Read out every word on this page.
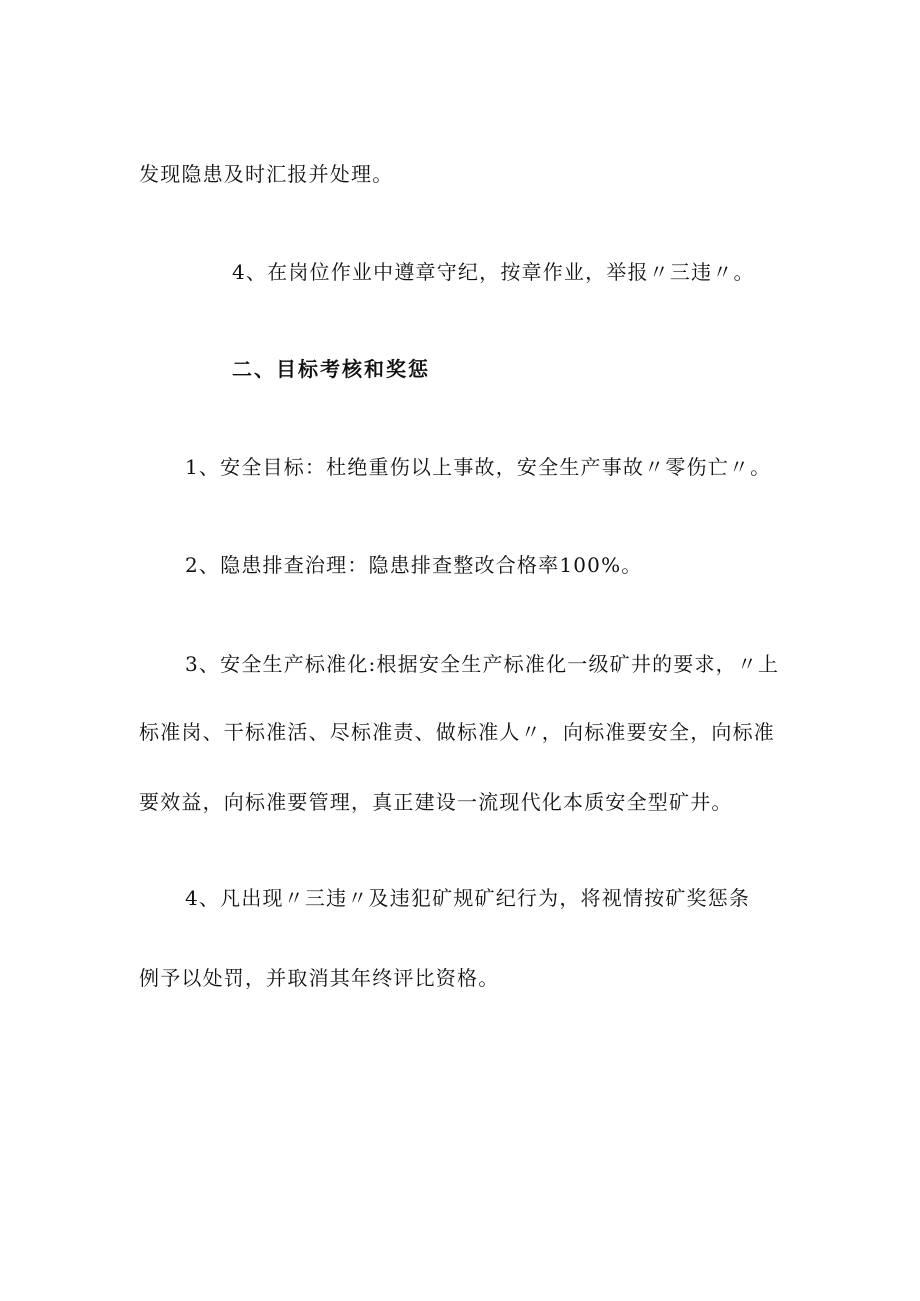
发现隐患及时汇报并处理。
4、在岗位作业中遵章守纪，按章作业，举报〃三违〃。
二、目标考核和奖惩
1、安全目标：杜绝重伤以上事故，安全生产事故〃零伤亡〃。
2、隐患排查治理：隐患排查整改合格率100%。
3、安全生产标准化:根据安全生产标准化一级矿井的要求，〃上
标准岗、干标准活、尽标准责、做标准人〃，向标准要安全，向标准
要效益，向标准要管理，真正建设一流现代化本质安全型矿井。
4、凡出现〃三违〃及违犯矿规矿纪行为，将视情按矿奖惩条
例予以处罚，并取消其年终评比资格。
